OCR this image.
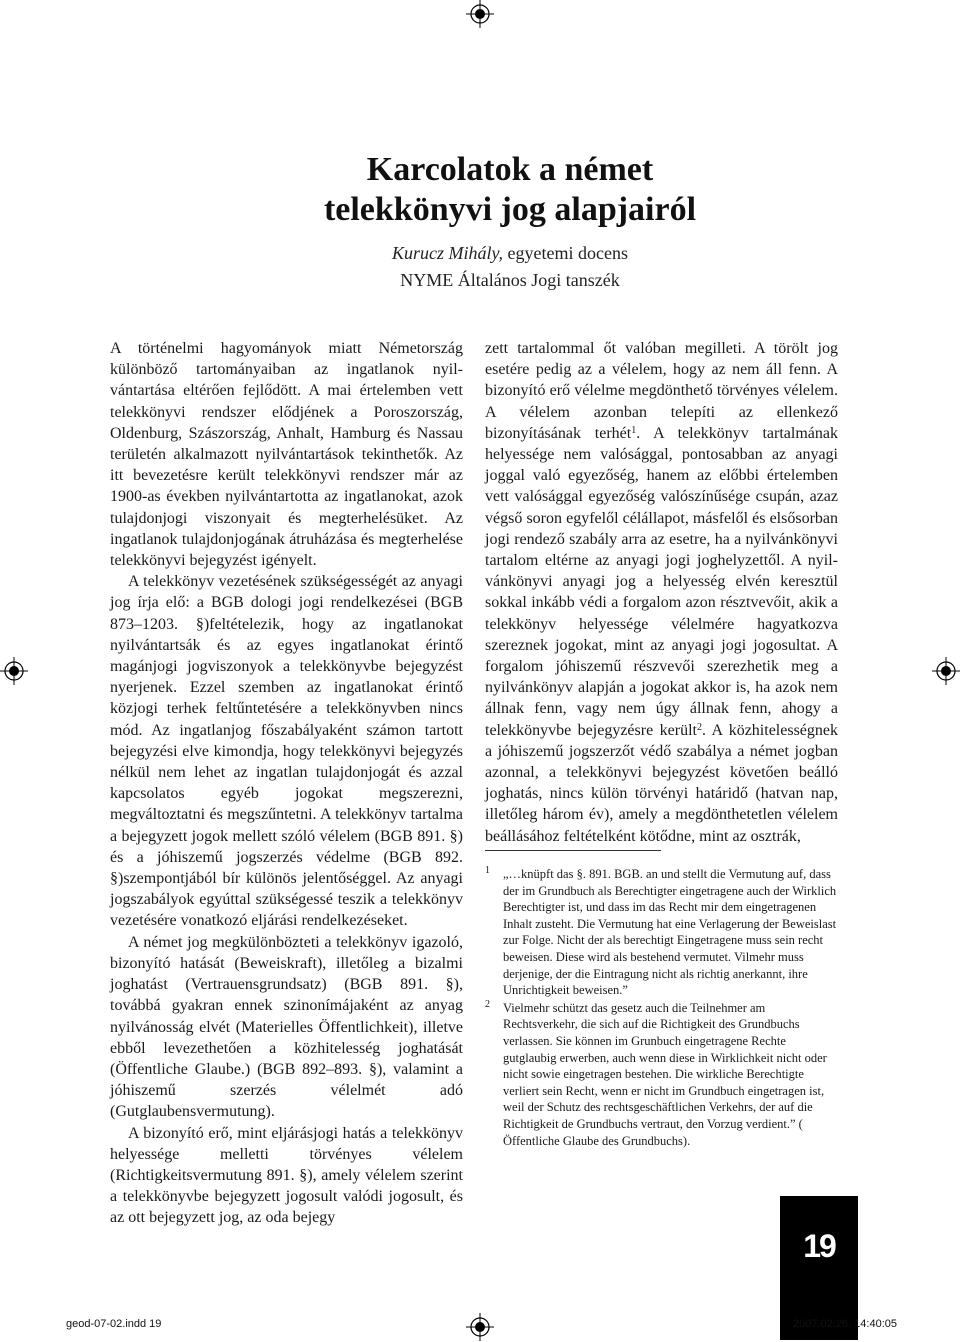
Karcolatok a német
telekkönyvi jog alapjairól
Kurucz Mihály, egyetemi docens
NYME Általános Jogi tanszék

A történelmi hagyományok miatt Németország különböző tartományaiban az ingatlanok nyilvántartása eltérően fejlődött. A mai értelemben vett telekkönyvi rendszer elődjének a Poroszország, Oldenburg, Szászország, Anhalt, Hamburg és Nassau területén alkalmazott nyilvántartások tekinthetők. Az itt bevezetésre került telekkönyvi rendszer már az 1900-as években nyilvántartotta az ingatlanokat, azok tulajdonjogi viszonyait és megterhelésüket. Az ingatlanok tulajdonjogának átruházása és megterhelése telekkönyvi bejegyzést igényelt.

A telekkönyv vezetésének szükségességét az anyagi jog írja elő: a BGB dologi jogi rendelkezései (BGB 873–1203. §)feltételezik, hogy az ingatlanokat nyilvántartsák és az egyes ingatlanokat érintő magánjogi jogviszonyok a telekkönyvbe bejegyzést nyerjenek. Ezzel szemben az ingatlanokat érintő közjogi terhek feltűntetésére a telekkönyvben nincs mód. Az ingatlanjog főszabályaként számon tartott bejegyzési elve kimondja, hogy telekkönyvi bejegyzés nélkül nem lehet az ingatlan tulajdonjogát és azzal kapcsolatos egyéb jogokat megszerezni, megváltoztatni és megszűntetni. A telekkönyv tartalma a bejegyzett jogok mellett szóló vélelem (BGB 891. §) és a jóhiszemű jogszerzés védelme (BGB 892. §)szempontjából bír különös jelentőséggel. Az anyagi jogszabályok egyúttal szükségessé teszik a telekkönyv vezetésére vonatkozó eljárási rendelkezéseket.

A német jog megkülönbözteti a telekkönyv igazoló, bizonyító hatását (Beweiskraft), illetőleg a bizalmi joghatást (Vertrauensgrundsatz) (BGB 891. §), továbbá gyakran ennek szinonímájaként az anyag nyilvánosság elvét (Materielles Öffentlichkeit), illetve ebből levezethetően a közhitelesség joghatását (Öffentliche Glaube.) (BGB 892–893. §), valamint a jóhiszemű szerzés vélelmét adó (Gutglaubensvermutung).

A bizonyító erő, mint eljárásjogi hatás a telekkönyv helyessége melletti törvényes vélelem (Richtigkeitsvermutung 891. §), amely vélelem szerint a telekkönyvbe bejegyzett jogosult valódi jogosult, és az ott bejegyzett jog, az oda bejegy

zett tartalommal őt valóban megilleti. A törölt jog esetére pedig az a vélelem, hogy az nem áll fenn. A bizonyító erő vélelme megdönthető törvényes vélelem. A vélelem azonban telepíti az ellenkező bizonyításának terhét$^1$. A telekkönyv tartalmának helyessége nem valósággal, pontosabban az anyagi joggal való egyezőség, hanem az előbbi értelemben vett valósággal egyezőség valószínűsége csupán, azaz végső soron egyfelől célállapot, másfelől és elsősorban jogi rendező szabály arra az esetre, ha a nyilvánkönyvi tartalom eltérne az anyagi jogi joghelyzettől. A nyilvánkönyvi anyagi jog a helyesség elvén keresztül sokkal inkább védi a forgalom azon résztvevőit, akik a telekkönyv helyessége vélelmére hagyatkozva szereznek jogokat, mint az anyagi jogi jogosultat. A forgalom jóhiszemű részvevői szerezhetik meg a nyilvánkönyv alapján a jogokat akkor is, ha azok nem állnak fenn, vagy nem úgy állnak fenn, ahogy a telekkönyvbe bejegyzésre került$^2$. A közhitelességnek a jóhiszemű jogszerzőt védő szabálya a német jogban azonnal, a telekkönyvi bejegyzést követően beálló joghatás, nincs külön törvényi határidő (hatvan nap, illetőleg három év), amely a megdönthetetlen vélelem beállásához feltételként kötődne, mint az osztrák,

1 „…knüpft das §. 891. BGB. an und stellt die Vermutung auf, dass der im Grundbuch als Berechtigter eingetragene auch der Wirklich Berechtigter ist, und dass im das Recht mir dem eingetragenen Inhalt zusteht. Die Vermutung hat eine Verlagerung der Beweislast zur Folge. Nicht der als berechtigt Eingetragene muss sein recht beweisen. Diese wird als bestehend vermutet. Vilmehr muss derjenige, der die Eintragung nicht als richtig anerkannt, ihre Unrichtigkeit beweisen.”
2 Vielmehr schützt das gesetz auch die Teilnehmer am Rechtsverkehr, die sich auf die Richtigkeit des Grundbuchs verlassen. Sie können im Grunbuch eingetragene Rechte gutglaubig erwerben, auch wenn diese in Wirklichkeit nicht oder nicht sowie eingetragen bestehen. Die wirkliche Berechtigte verliert sein Recht, wenn er nicht im Grundbuch eingetragen ist, weil der Schutz des rechtsgeschäftlichen Verkehrs, der auf die Richtigkeit de Grundbuchs vertraut, den Vorzug verdient.” ( Öffentliche Glaube des Grundbuchs).
19
geod-07-02.indd 19	2007.02.26. 14:40:05
